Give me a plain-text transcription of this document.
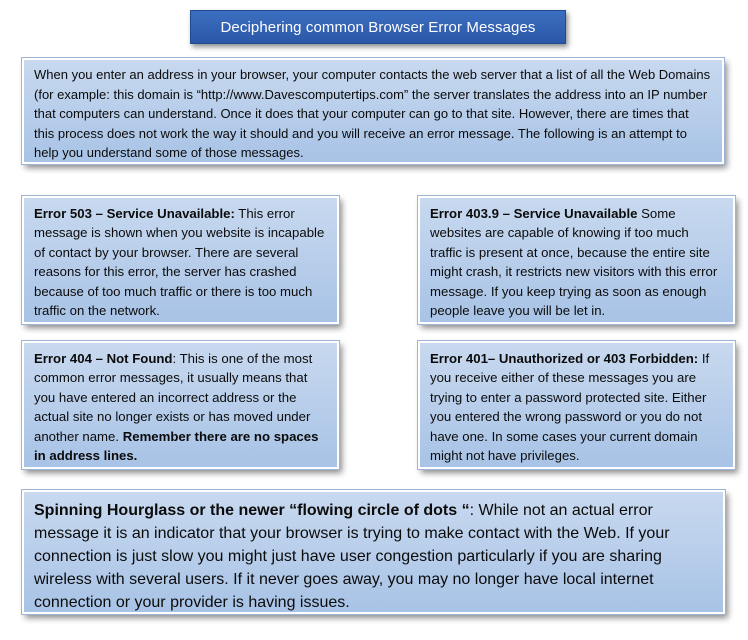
Deciphering common Browser Error Messages
When you enter an address in your browser, your computer contacts the web server that a list of all the Web Domains (for example: this domain is “http://www.Davescomputertips.com” the server translates the address into an IP number that computers can understand. Once it does that your computer can go to that site. However, there are times that this process does not work the way it should and you will receive an error message. The following is an attempt to help you understand some of those messages.
Error 503 – Service Unavailable: This error message is shown when you website is incapable of contact by your browser. There are several reasons for this error, the server has crashed because of too much traffic or there is too much traffic on the network.
Error 403.9 – Service Unavailable Some websites are capable of knowing if too much traffic is present at once, because the entire site might crash, it restricts new visitors with this error message. If you keep trying as soon as enough people leave you will be let in.
Error 404 – Not Found: This is one of the most common error messages, it usually means that you have entered an incorrect address or the actual site no longer exists or has moved under another name. Remember there are no spaces in address lines.
Error 401– Unauthorized or 403 Forbidden: If you receive either of these messages you are trying to enter a password protected site. Either you entered the wrong password or you do not have one. In some cases your current domain might not have privileges.
Spinning Hourglass or the newer “flowing circle of dots “: While not an actual error message it is an indicator that your browser is trying to make contact with the Web. If your connection is just slow you might just have user congestion particularly if you are sharing wireless with several users. If it never goes away, you may no longer have local internet connection or your provider is having issues.
